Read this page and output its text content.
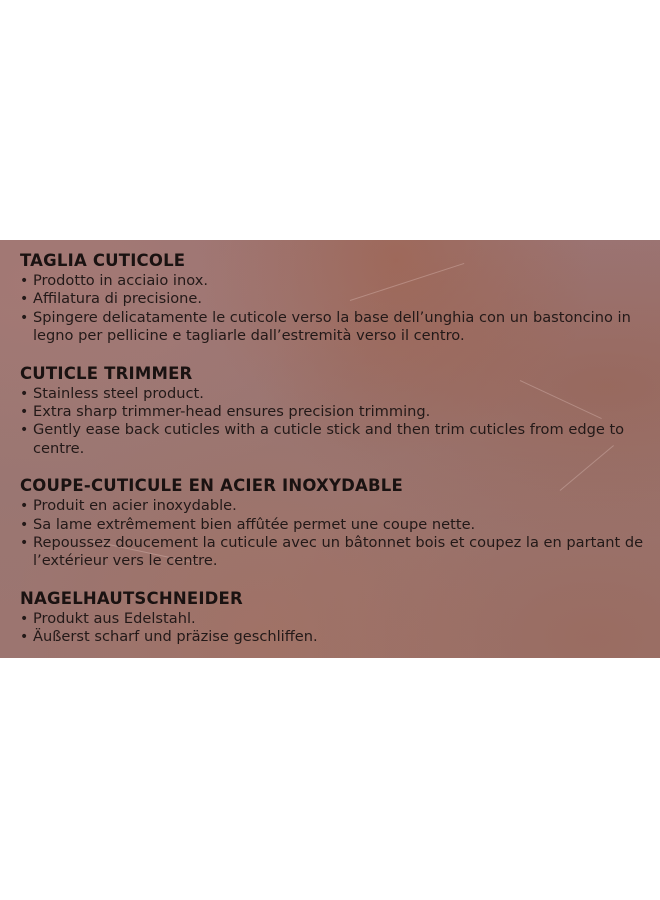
TAGLIA CUTICOLE
• Prodotto in acciaio inox.
• Affilatura di precisione.
• Spingere delicatamente le cuticole verso la base dell’unghia con un bastoncino in legno per pellicine e tagliarle dall’estremità verso il centro.
CUTICLE TRIMMER
• Stainless steel product.
• Extra sharp trimmer-head ensures precision trimming.
• Gently ease back cuticles with a cuticle stick and then trim cuticles from edge to centre.
COUPE-CUTICULE EN ACIER INOXYDABLE
• Produit en acier inoxydable.
• Sa lame extrêmement bien affûtée permet une coupe nette.
• Repoussez doucement la cuticule avec un bâtonnet bois et coupez la en partant de l’extérieur vers le centre.
NAGELHAUTSCHNEIDER
• Produkt aus Edelstahl.
• Äußerst scharf und präzise geschliffen.
